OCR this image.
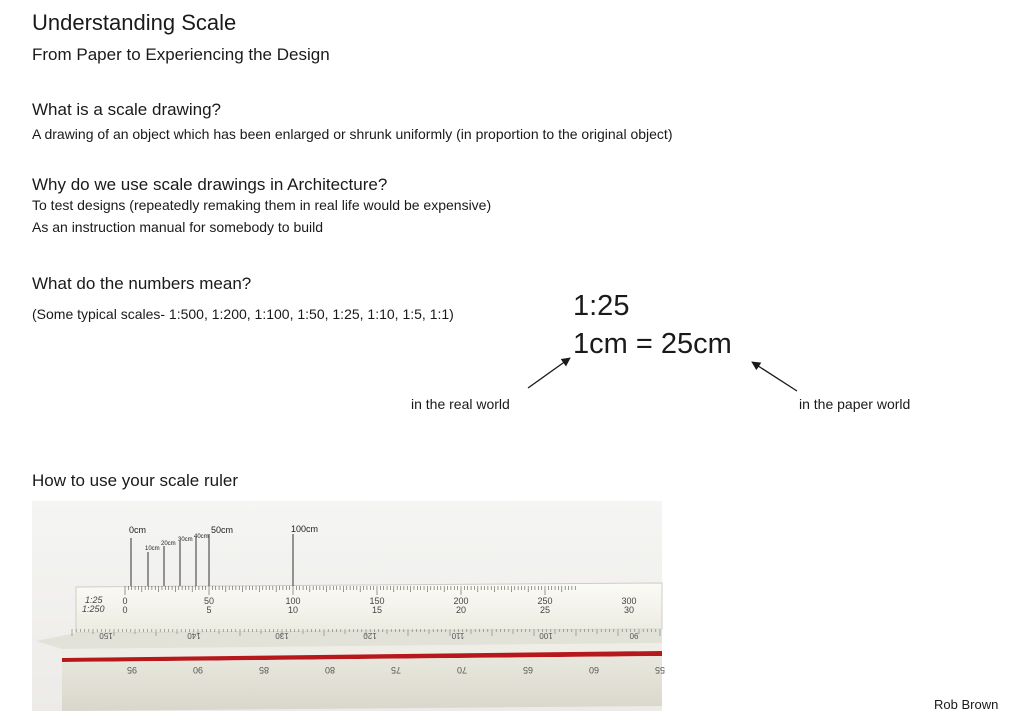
Understanding Scale
From Paper to Experiencing the Design
What is a scale drawing?
A drawing of an object which has been enlarged or shrunk uniformly (in proportion to the original object)
Why do we use scale drawings in Architecture?
To test designs (repeatedly remaking them in real life would be expensive)
As an instruction manual for somebody to build
What do the numbers mean?
(Some typical scales- 1:500, 1:200, 1:100, 1:50, 1:25, 1:10, 1:5, 1:1)	1:25
1cm = 25cm
in the real world	in the paper world
How to use your scale ruler
0cm
10cm
20cm
30cm 40cm
50cm	100cm
1:25
1:250
0	50	100	150	200	250	300
0	5	10	15	20	25	30
150	140	130	120	110	100	90
95	90	85	80	75	70	65	60	55
Rob Brown
